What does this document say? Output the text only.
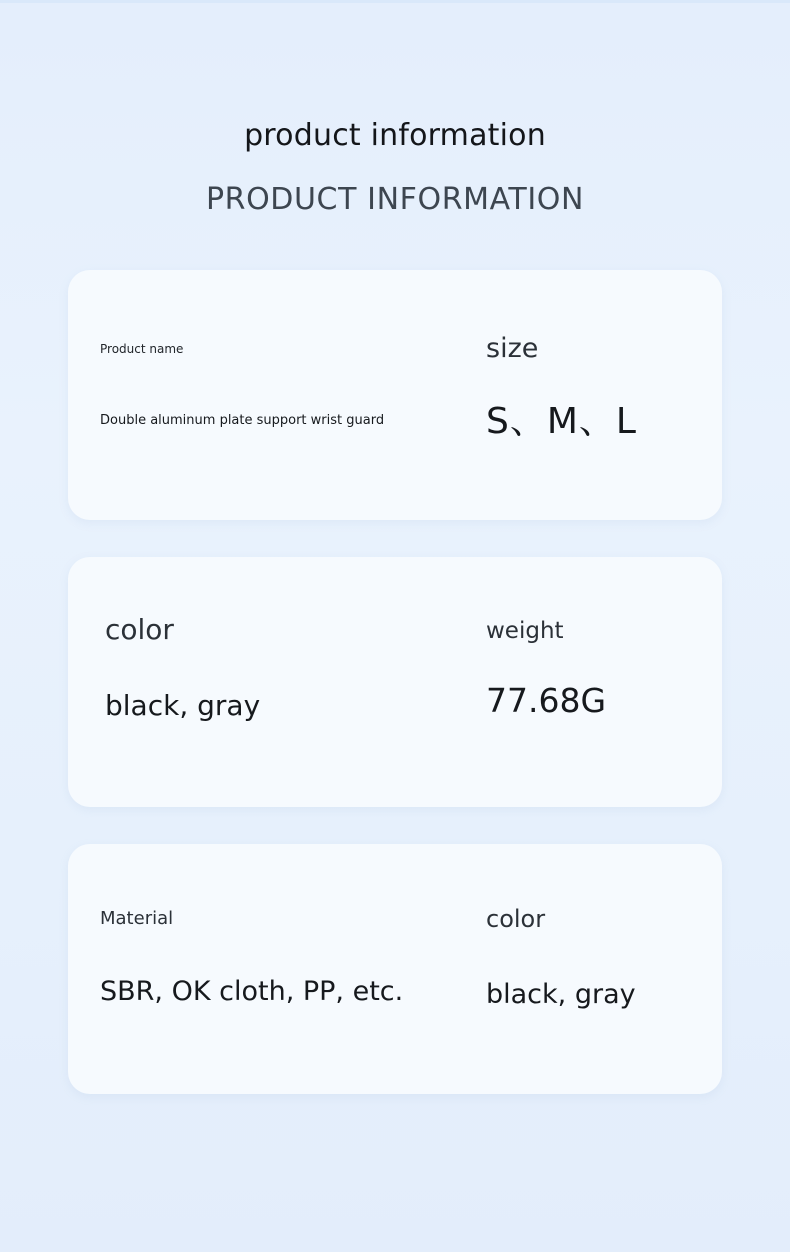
product information
PRODUCT INFORMATION
Product name
Double aluminum plate support wrist guard
size
S、M、L
color
black, gray
weight
77.68G
Material
SBR, OK cloth, PP, etc.
color
black, gray
